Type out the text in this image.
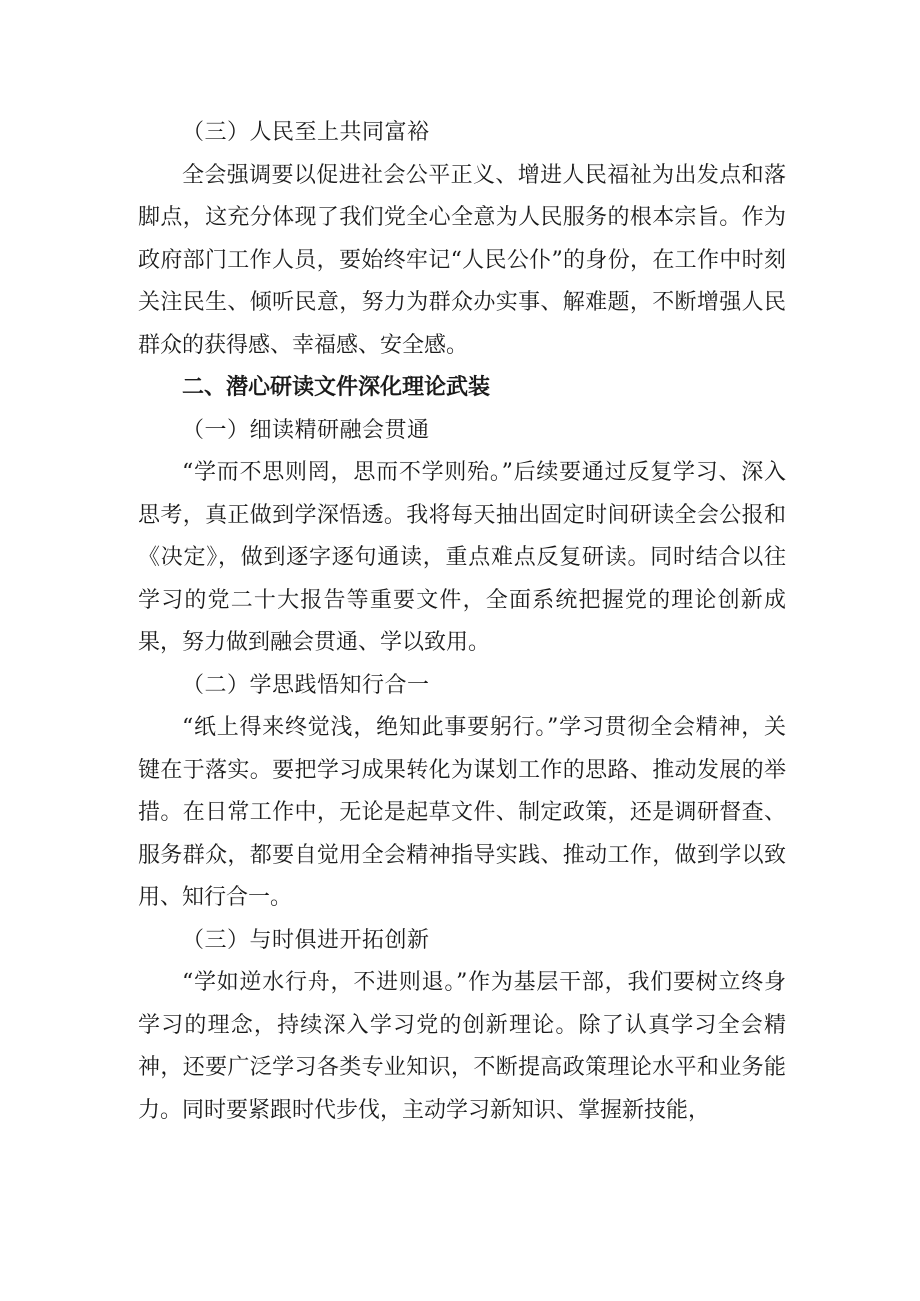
（三）人民至上共同富裕

全会强调要以促进社会公平正义、增进人民福祉为出发点和落脚点，这充分体现了我们党全心全意为人民服务的根本宗旨。作为政府部门工作人员，要始终牢记“人民公仆”的身份，在工作中时刻关注民生、倾听民意，努力为群众办实事、解难题，不断增强人民群众的获得感、幸福感、安全感。

二、潜心研读文件深化理论武装

（一）细读精研融会贯通

“学而不思则罔，思而不学则殆。”后续要通过反复学习、深入思考，真正做到学深悟透。我将每天抽出固定时间研读全会公报和《决定》，做到逐字逐句通读，重点难点反复研读。同时结合以往学习的党二十大报告等重要文件，全面系统把握党的理论创新成果，努力做到融会贯通、学以致用。

（二）学思践悟知行合一

“纸上得来终觉浅，绝知此事要躬行。”学习贯彻全会精神，关键在于落实。要把学习成果转化为谋划工作的思路、推动发展的举措。在日常工作中，无论是起草文件、制定政策，还是调研督查、服务群众，都要自觉用全会精神指导实践、推动工作，做到学以致用、知行合一。

（三）与时俱进开拓创新

“学如逆水行舟，不进则退。”作为基层干部，我们要树立终身学习的理念，持续深入学习党的创新理论。除了认真学习全会精神，还要广泛学习各类专业知识，不断提高政策理论水平和业务能力。同时要紧跟时代步伐，主动学习新知识、掌握新技能，
